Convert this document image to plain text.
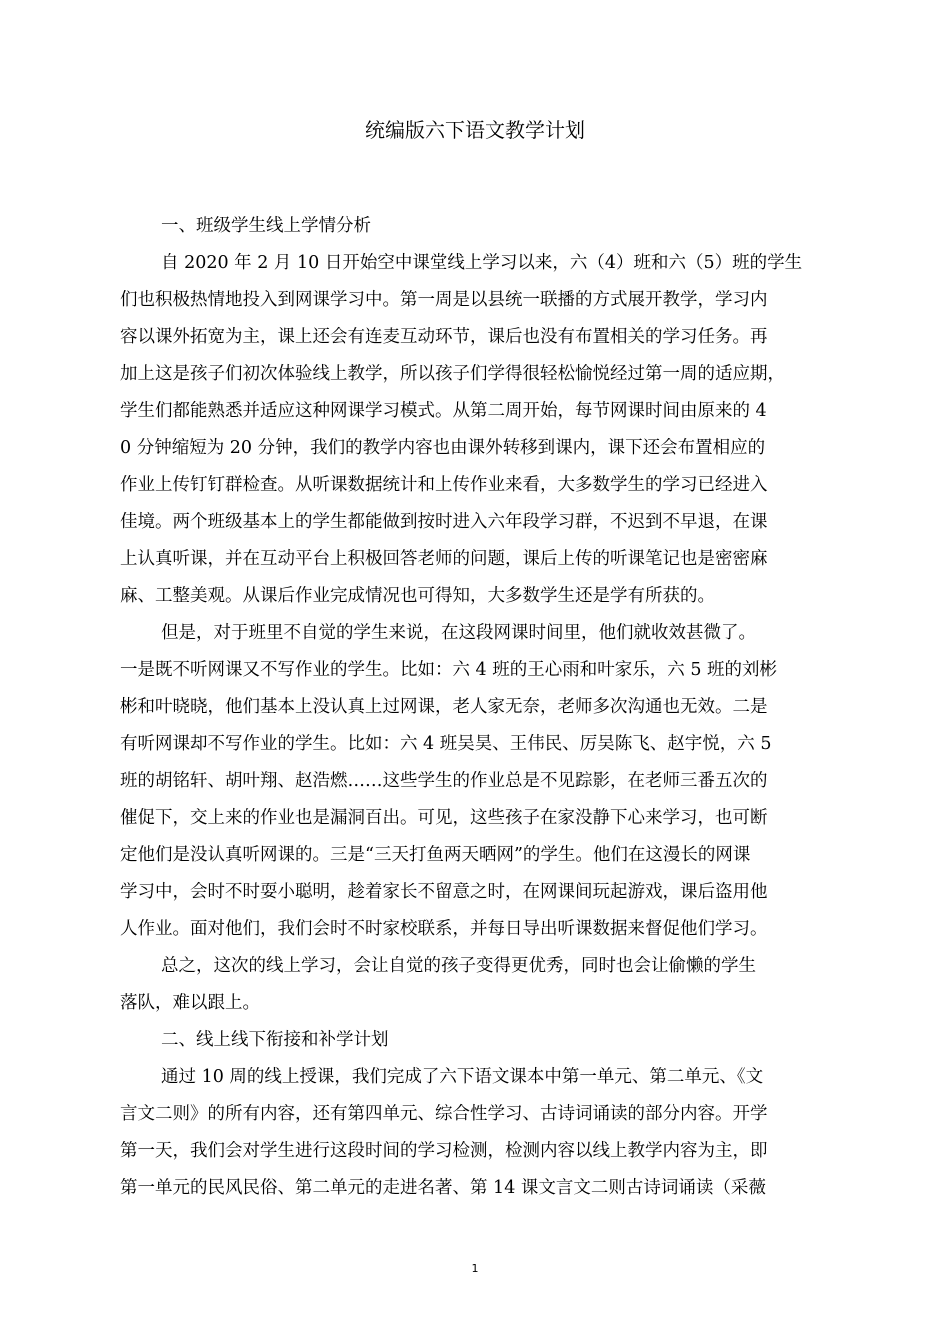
统编版六下语文教学计划
一、班级学生线上学情分析
自 2020 年 2 月 10 日开始空中课堂线上学习以来，六（4）班和六（5）班的学生
们也积极热情地投入到网课学习中。第一周是以县统一联播的方式展开教学，学习内
容以课外拓宽为主，课上还会有连麦互动环节，课后也没有布置相关的学习任务。再
加上这是孩子们初次体验线上教学，所以孩子们学得很轻松愉悦经过第一周的适应期，
学生们都能熟悉并适应这种网课学习模式。从第二周开始，每节网课时间由原来的 4
0 分钟缩短为 20 分钟，我们的教学内容也由课外转移到课内，课下还会布置相应的
作业上传钉钉群检查。从听课数据统计和上传作业来看，大多数学生的学习已经进入
佳境。两个班级基本上的学生都能做到按时进入六年段学习群，不迟到不早退，在课
上认真听课，并在互动平台上积极回答老师的问题，课后上传的听课笔记也是密密麻
麻、工整美观。从课后作业完成情况也可得知，大多数学生还是学有所获的。
但是，对于班里不自觉的学生来说，在这段网课时间里，他们就收效甚微了。
一是既不听网课又不写作业的学生。比如：六 4 班的王心雨和叶家乐，六 5 班的刘彬
彬和叶晓晓，他们基本上没认真上过网课，老人家无奈，老师多次沟通也无效。二是
有听网课却不写作业的学生。比如：六 4 班吴昊、王伟民、厉吴陈飞、赵宇悦，六 5
班的胡铭轩、胡叶翔、赵浩燃……这些学生的作业总是不见踪影，在老师三番五次的
催促下，交上来的作业也是漏洞百出。可见，这些孩子在家没静下心来学习，也可断
定他们是没认真听网课的。三是“三天打鱼两天晒网”的学生。他们在这漫长的网课
学习中，会时不时耍小聪明，趁着家长不留意之时，在网课间玩起游戏，课后盗用他
人作业。面对他们，我们会时不时家校联系，并每日导出听课数据来督促他们学习。
总之，这次的线上学习，会让自觉的孩子变得更优秀，同时也会让偷懒的学生
落队，难以跟上。
二、线上线下衔接和补学计划
通过 10 周的线上授课，我们完成了六下语文课本中第一单元、第二单元、《文
言文二则》的所有内容，还有第四单元、综合性学习、古诗词诵读的部分内容。开学
第一天，我们会对学生进行这段时间的学习检测，检测内容以线上教学内容为主，即
第一单元的民风民俗、第二单元的走进名著、第 14 课文言文二则古诗词诵读（采薇
1
